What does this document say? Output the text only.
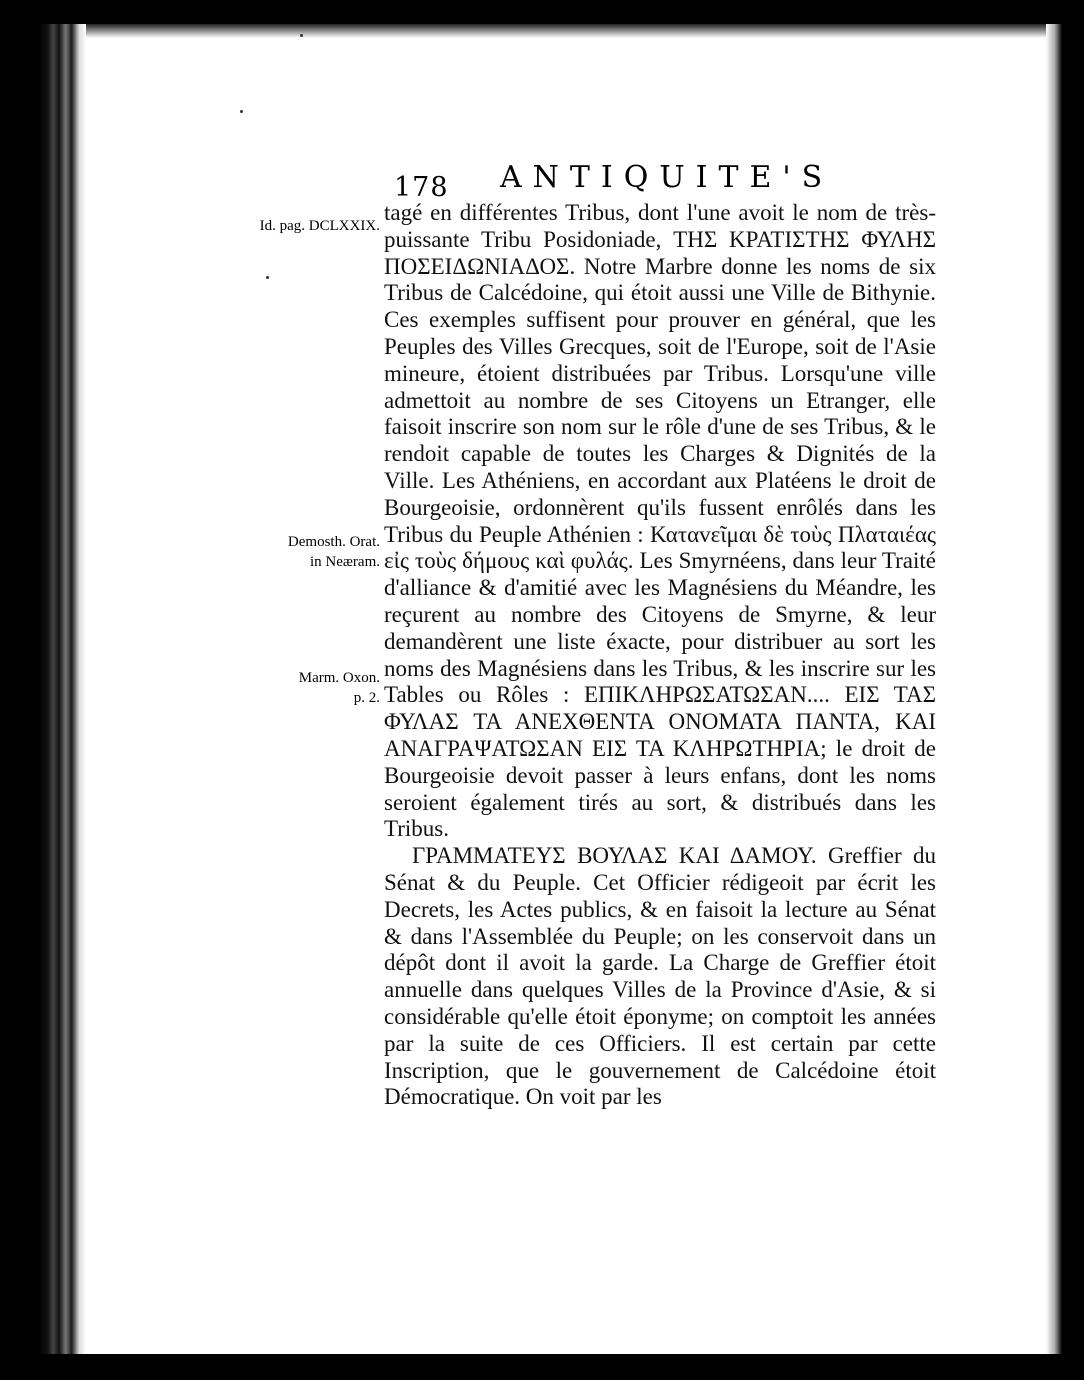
178 ANTIQUITE'S
Id. pag. DCLXXIX.
Demosth. Orat.
in Neæram.
Marm. Oxon.
p. 2.

tagé en différentes Tribus, dont l'une avoit le nom de très-puissante Tribu Posidoniade, ΤΗΣ ΚΡΑΤΙΣΤΗΣ ΦΥΛΗΣ ΠΟΣΕΙΔΩΝΙΑΔΟΣ. Notre Marbre donne les noms de six Tribus de Calcédoine, qui étoit aussi une Ville de Bithynie. Ces exemples suffisent pour prouver en général, que les Peuples des Villes Grecques, soit de l'Europe, soit de l'Asie mineure, étoient distribuées par Tribus. Lorsqu'une ville admettoit au nombre de ses Citoyens un Etranger, elle faisoit inscrire son nom sur le rôle d'une de ses Tribus, & le rendoit capable de toutes les Charges & Dignités de la Ville. Les Athéniens, en accordant aux Platéens le droit de Bourgeoisie, ordonnèrent qu'ils fussent enrôlés dans les Tribus du Peuple Athénien : Καταvεῖμαι δὲ τοὺς Πλαταιέας εἰς τοὺς δήμους καὶ φυλάς. Les Smyrnéens, dans leur Traité d'alliance & d'amitié avec les Magnésiens du Méandre, les reçurent au nombre des Citoyens de Smyrne, & leur demandèrent une liste éxacte, pour distribuer au sort les noms des Magnésiens dans les Tribus, & les inscrire sur les Tables ou Rôles : ΕΠΙΚΛΗΡΩΣΑΤΩΣΑΝ.... ΕΙΣ ΤΑΣ ΦΥΛΑΣ ΤΑ ΑΝΕΧΘΕΝΤΑ ΟΝΟΜΑΤΑ ΠΑΝΤΑ, ΚΑΙ ΑΝΑΓΡΑΨΑΤΩΣΑΝ ΕΙΣ ΤΑ ΚΛΗΡΩΤΗΡΙΑ; le droit de Bourgeoisie devoit passer à leurs enfans, dont les noms seroient également tirés au sort, & distribués dans les Tribus.

ΓΡΑΜΜΑΤΕΥΣ ΒΟΥΛΑΣ ΚΑΙ ΔΑΜΟΥ. Greffier du Sénat & du Peuple. Cet Officier rédigeoit par écrit les Decrets, les Actes publics, & en faisoit la lecture au Sénat & dans l'Assemblée du Peuple; on les conservoit dans un dépôt dont il avoit la garde. La Charge de Greffier étoit annuelle dans quelques Villes de la Province d'Asie, & si considérable qu'elle étoit éponyme; on comptoit les années par la suite de ces Officiers. Il est certain par cette Inscription, que le gouvernement de Calcédoine étoit Démocratique. On voit par les
